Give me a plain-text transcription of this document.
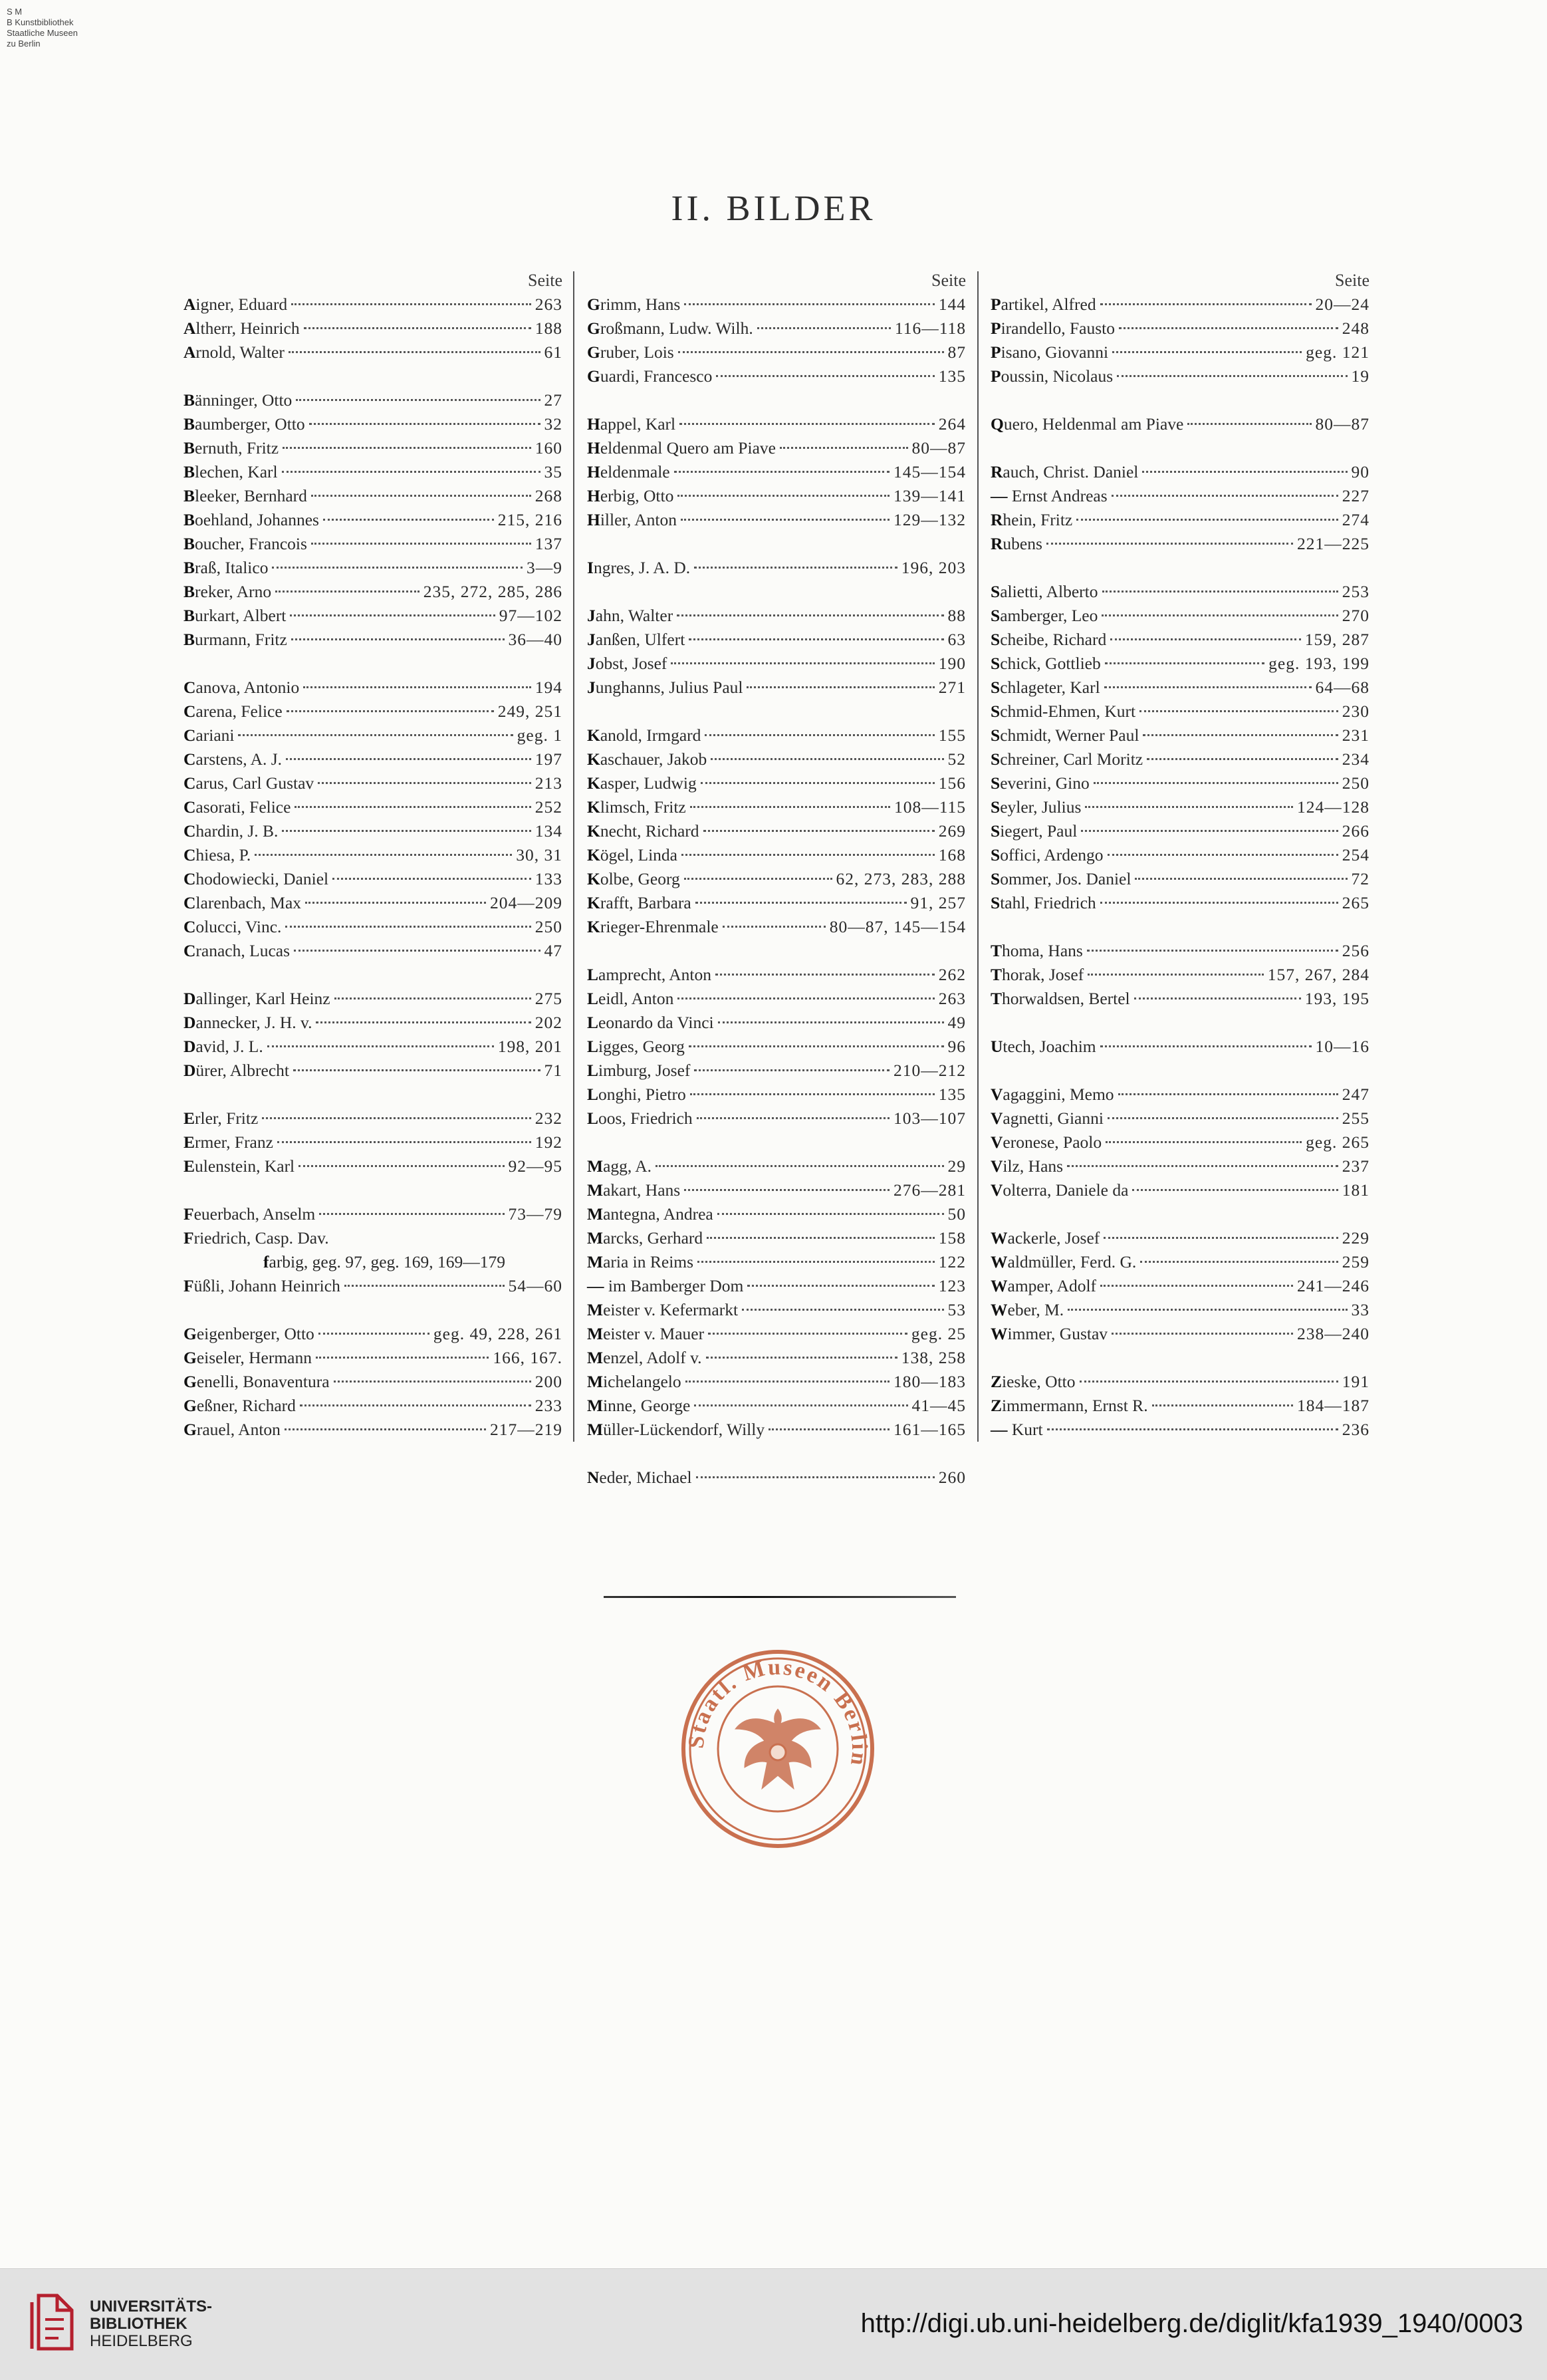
S M
B Kunstbibliothek
Staatliche Museen
zu Berlin
II. BILDER
Seite
Aigner, Eduard	263
Altherr, Heinrich	188
Arnold, Walter	61
Bänninger, Otto	27
Baumberger, Otto	32
Bernuth, Fritz	160
Blechen, Karl	35
Bleeker, Bernhard	268
Boehland, Johannes	215, 216
Boucher, Francois	137
Braß, Italico	3—9
Breker, Arno	235, 272, 285, 286
Burkart, Albert	97—102
Burmann, Fritz	36—40
Canova, Antonio	194
Carena, Felice	249, 251
Cariani	geg. 1
Carstens, A. J.	197
Carus, Carl Gustav	213
Casorati, Felice	252
Chardin, J. B.	134
Chiesa, P.	30, 31
Chodowiecki, Daniel	133
Clarenbach, Max	204—209
Colucci, Vinc.	250
Cranach, Lucas	47
Dallinger, Karl Heinz	275
Dannecker, J. H. v.	202
David, J. L.	198, 201
Dürer, Albrecht	71
Erler, Fritz	232
Ermer, Franz	192
Eulenstein, Karl	92—95
Feuerbach, Anselm	73—79
Friedrich, Casp. Dav.
farbig, geg. 97, geg. 169, 169—179
Füßli, Johann Heinrich	54—60
Geigenberger, Otto	geg. 49, 228, 261
Geiseler, Hermann	166, 167.
Genelli, Bonaventura	200
Geßner, Richard	233
Grauel, Anton	217—219
Seite
Grimm, Hans	144
Großmann, Ludw. Wilh.	116—118
Gruber, Lois	87
Guardi, Francesco	135
Happel, Karl	264
Heldenmal Quero am Piave	80—87
Heldenmale	145—154
Herbig, Otto	139—141
Hiller, Anton	129—132
Ingres, J. A. D.	196, 203
Jahn, Walter	88
Janßen, Ulfert	63
Jobst, Josef	190
Junghanns, Julius Paul	271
Kanold, Irmgard	155
Kaschauer, Jakob	52
Kasper, Ludwig	156
Klimsch, Fritz	108—115
Knecht, Richard	269
Kögel, Linda	168
Kolbe, Georg	62, 273, 283, 288
Krafft, Barbara	91, 257
Krieger-Ehrenmale	80—87, 145—154
Lamprecht, Anton	262
Leidl, Anton	263
Leonardo da Vinci	49
Ligges, Georg	96
Limburg, Josef	210—212
Longhi, Pietro	135
Loos, Friedrich	103—107
Magg, A.	29
Makart, Hans	276—281
Mantegna, Andrea	50
Marcks, Gerhard	158
Maria in Reims	122
— im Bamberger Dom	123
Meister v. Kefermarkt	53
Meister v. Mauer	geg. 25
Menzel, Adolf v.	138, 258
Michelangelo	180—183
Minne, George	41—45
Müller-Lückendorf, Willy	161—165
Neder, Michael	260
Seite
Partikel, Alfred	20—24
Pirandello, Fausto	248
Pisano, Giovanni	geg. 121
Poussin, Nicolaus	19
Quero, Heldenmal am Piave	80—87
Rauch, Christ. Daniel	90
— Ernst Andreas	227
Rhein, Fritz	274
Rubens	221—225
Salietti, Alberto	253
Samberger, Leo	270
Scheibe, Richard	159, 287
Schick, Gottlieb	geg. 193, 199
Schlageter, Karl	64—68
Schmid-Ehmen, Kurt	230
Schmidt, Werner Paul	231
Schreiner, Carl Moritz	234
Severini, Gino	250
Seyler, Julius	124—128
Siegert, Paul	266
Soffici, Ardengo	254
Sommer, Jos. Daniel	72
Stahl, Friedrich	265
Thoma, Hans	256
Thorak, Josef	157, 267, 284
Thorwaldsen, Bertel	193, 195
Utech, Joachim	10—16
Vagaggini, Memo	247
Vagnetti, Gianni	255
Veronese, Paolo	geg. 265
Vilz, Hans	237
Volterra, Daniele da	181
Wackerle, Josef	229
Waldmüller, Ferd. G.	259
Wamper, Adolf	241—246
Weber, M.	33
Wimmer, Gustav	238—240
Zieske, Otto	191
Zimmermann, Ernst R.	184—187
— Kurt	236
Staatl. Museen Berlin
UNIVERSITÄTS-
BIBLIOTHEK
HEIDELBERG
http://digi.ub.uni-heidelberg.de/diglit/kfa1939_1940/0003
